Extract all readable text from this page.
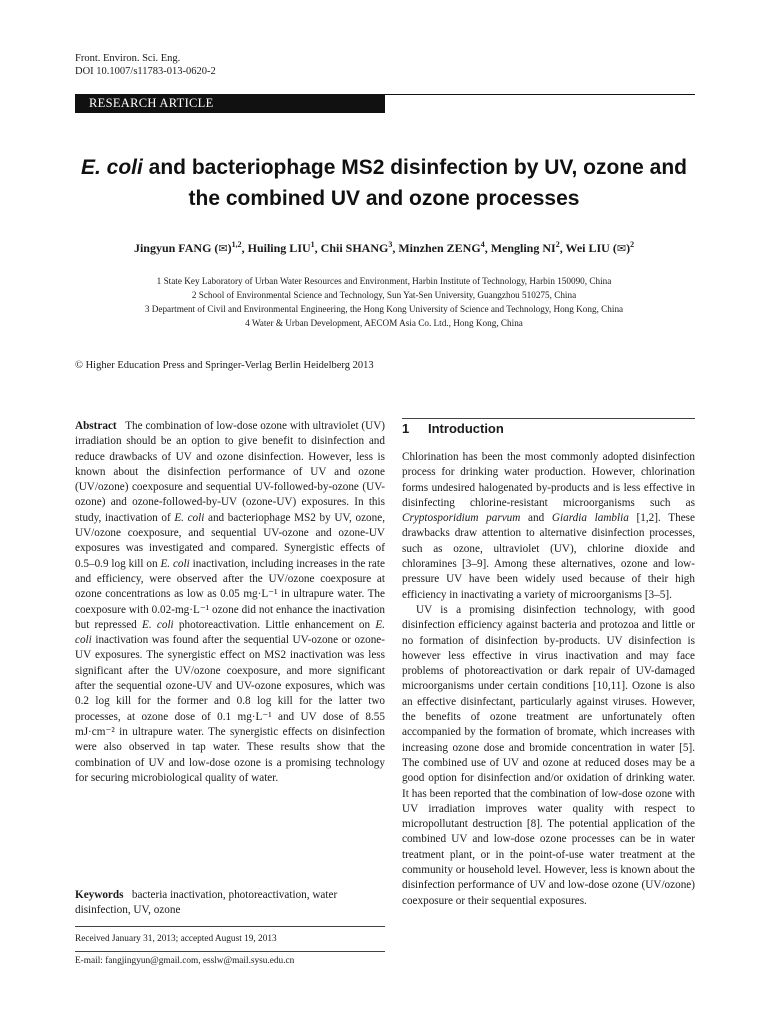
Front. Environ. Sci. Eng.
DOI 10.1007/s11783-013-0620-2
RESEARCH ARTICLE
E. coli and bacteriophage MS2 disinfection by UV, ozone and
the combined UV and ozone processes
Jingyun FANG (✉)$^{1,2}$, Huiling LIU$^1$, Chii SHANG$^3$, Minzhen ZENG$^4$, Mengling $NI^2$, Wei LIU (✉)$^2$
1 State Key Laboratory of Urban Water Resources and Environment, Harbin Institute of Technology, Harbin 150090, China
2 School of Environmental Science and Technology, Sun Yat-Sen University, Guangzhou 510275, China
3 Department of Civil and Environmental Engineering, the Hong Kong University of Science and Technology, Hong Kong, China
4 Water & Urban Development, AECOM Asia Co. Ltd., Hong Kong, China
© Higher Education Press and Springer-Verlag Berlin Heidelberg 2013
Abstract The combination of low-dose ozone with ultraviolet (UV) irradiation should be an option to give benefit to disinfection and reduce drawbacks of UV and ozone disinfection. However, less is known about the disinfection performance of UV and ozone (UV/ozone) coexposure and sequential UV-followed-by-ozone (UV-ozone) and ozone-followed-by-UV (ozone-UV) exposures. In this study, inactivation of E. coli and bacteriophage MS2 by UV, ozone, UV/ozone coexposure, and sequential UV-ozone and ozone-UV exposures was investigated and compared. Synergistic effects of 0.5–0.9 log kill on E. coli inactivation, including increases in the rate and efficiency, were observed after the UV/ozone coexposure at ozone concentrations as low as 0.05 mg·L⁻¹ in ultrapure water. The coexposure with 0.02-mg·L⁻¹ ozone did not enhance the inactivation but repressed E. coli photoreactivation. Little enhancement on E. coli inactivation was found after the sequential UV-ozone or ozone-UV exposures. The synergistic effect on MS2 inactivation was less significant after the UV/ozone coexposure, and more significant after the sequential ozone-UV and UV-ozone exposures, which was 0.2 log kill for the former and 0.8 log kill for the latter two processes, at ozone dose of 0.1 mg·L⁻¹ and UV dose of 8.55 mJ·cm⁻² in ultrapure water. The synergistic effects on disinfection were also observed in tap water. These results show that the combination of UV and low-dose ozone is a promising technology for securing microbiological quality of water.
Keywords bacteria inactivation, photoreactivation, water disinfection, UV, ozone
Received January 31, 2013; accepted August 19, 2013
E-mail: fangjingyun@gmail.com, esslw@mail.sysu.edu.cn
1 Introduction

Chlorination has been the most commonly adopted disinfection process for drinking water production. However, chlorination forms undesired halogenated by-products and is less effective in disinfecting chlorine-resistant microorganisms such as Cryptosporidium parvum and Giardia lamblia [1,2]. These drawbacks draw attention to alternative disinfection processes, such as ozone, ultraviolet (UV), chlorine dioxide and chloramines [3–9]. Among these alternatives, ozone and low-pressure UV have been widely used because of their high efficiency in inactivating a variety of microorganisms [3–5].

UV is a promising disinfection technology, with good disinfection efficiency against bacteria and protozoa and little or no formation of disinfection by-products. UV disinfection is however less effective in virus inactivation and may face problems of photoreactivation or dark repair of UV-damaged microorganisms under certain conditions [10,11]. Ozone is also an effective disinfectant, particularly against viruses. However, the benefits of ozone treatment are unfortunately often accompanied by the formation of bromate, which increases with increasing ozone dose and bromide concentration in water [5]. The combined use of UV and ozone at reduced doses may be a good option for disinfection and/or oxidation of drinking water. It has been reported that the combination of low-dose ozone with UV irradiation improves water quality with respect to micropollutant destruction [8]. The potential application of the combined UV and low-dose ozone processes can be in water treatment plant, or in the point-of-use water treatment at the community or household level. However, less is known about the disinfection performance of UV and low-dose ozone (UV/ozone) coexposure or their sequential exposures.
